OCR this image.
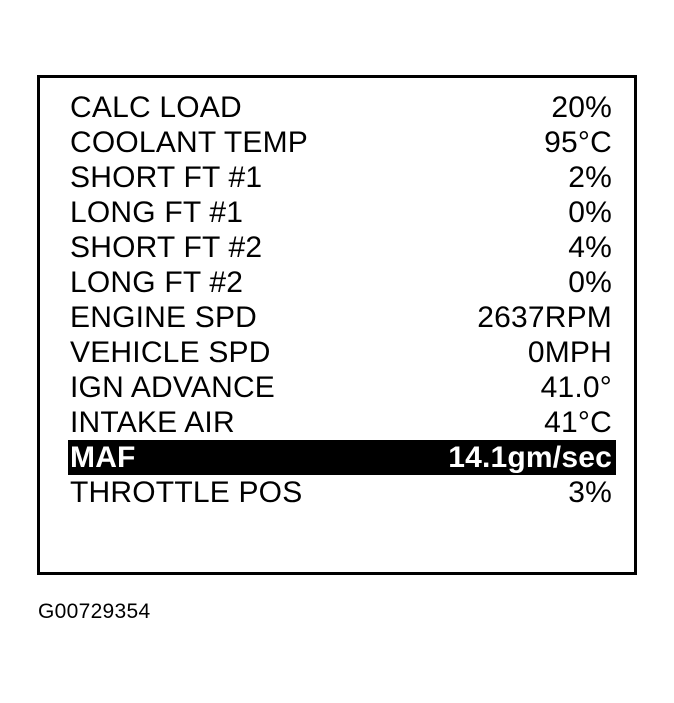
CALC LOAD	20%
COOLANT TEMP	95°C
SHORT FT #1	2%
LONG FT #1	0%
SHORT FT #2	4%
LONG FT #2	0%
ENGINE SPD	2637RPM
VEHICLE SPD	0MPH
IGN ADVANCE	41.0°
INTAKE AIR	41°C
MAF	14.1gm/sec
THROTTLE POS	3%
G00729354
